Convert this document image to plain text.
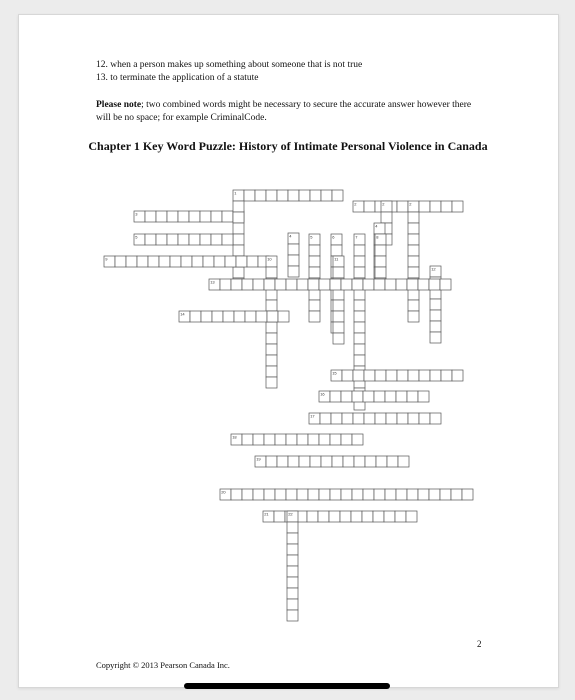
12. when a person makes up something about someone that is not true
13. to terminate the application of a statute
Please note; two combined words might be necessary to secure the accurate answer however there will be no space; for example CriminalCode.
Chapter 1 Key Word Puzzle: History of Intimate Personal Violence in Canada
1
2	2	2
3
4
4
5	5	6	7	8
9	10	11
12
13
14
15
16
17
18
19
20
21	22
2
Copyright © 2013 Pearson Canada Inc.
